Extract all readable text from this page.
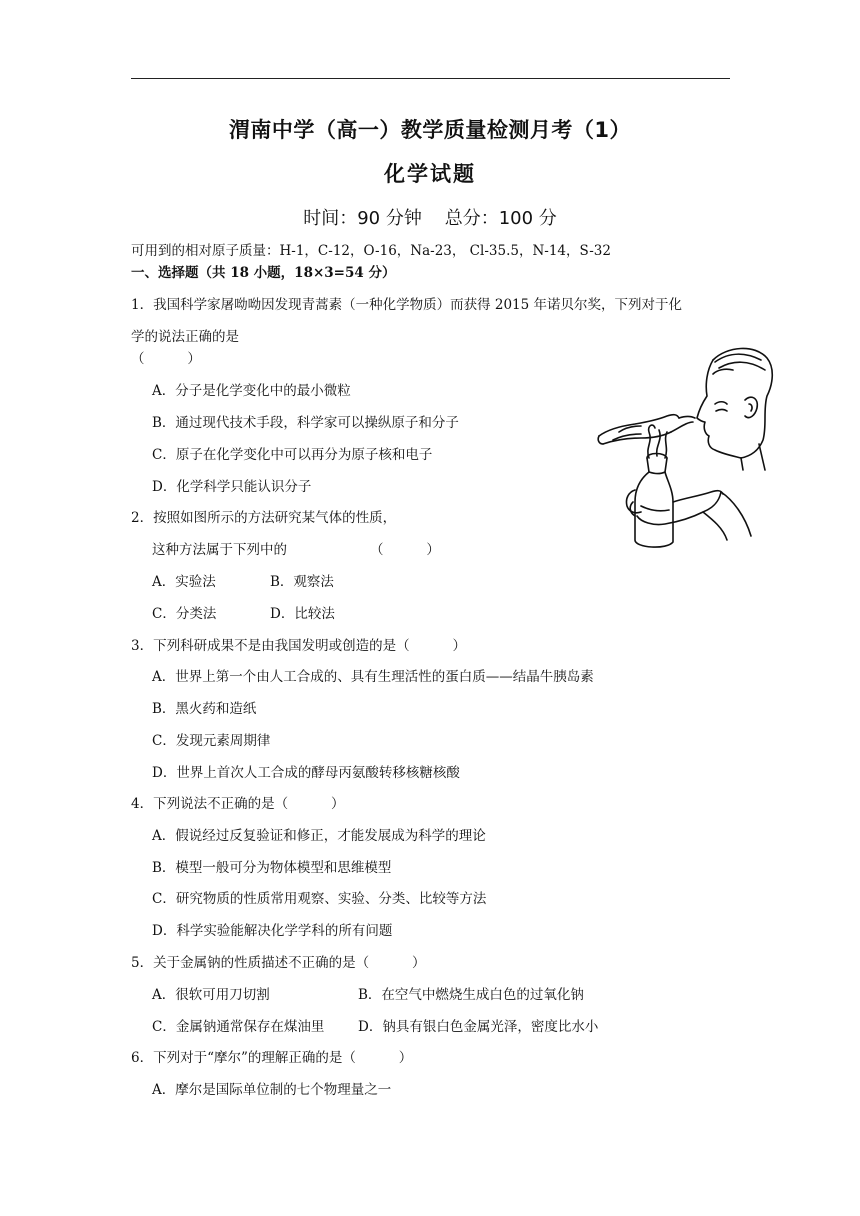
渭南中学（高一）教学质量检测月考（1）
化学试题
时间：90 分钟    总分：100 分
可用到的相对原子质量：H-1，C-12，O-16，Na-23， Cl-35.5，N-14，S-32
一、选择题（共 18 小题，18×3=54 分）
1．我国科学家屠呦呦因发现青蒿素（一种化学物质）而获得 2015 年诺贝尔奖，下列对于化
学的说法正确的是
（          ）
A．分子是化学变化中的最小微粒
B．通过现代技术手段，科学家可以操纵原子和分子
C．原子在化学变化中可以再分为原子核和电子
D．化学科学只能认识分子
2．按照如图所示的方法研究某气体的性质，
这种方法属于下列中的	（          ）
A．实验法	B．观察法
C．分类法	D．比较法
3．下列科研成果不是由我国发明或创造的是（          ）
A．世界上第一个由人工合成的、具有生理活性的蛋白质——结晶牛胰岛素
B．黑火药和造纸
C．发现元素周期律
D．世界上首次人工合成的酵母丙氨酸转移核糖核酸
4．下列说法不正确的是（          ）
A．假说经过反复验证和修正，才能发展成为科学的理论
B．模型一般可分为物体模型和思维模型
C．研究物质的性质常用观察、实验、分类、比较等方法
D．科学实验能解决化学学科的所有问题
5．关于金属钠的性质描述不正确的是（          ）
A．很软可用刀切割	B．在空气中燃烧生成白色的过氧化钠
C．金属钠通常保存在煤油里 D．钠具有银白色金属光泽，密度比水小
6．下列对于“摩尔”的理解正确的是（          ）
A．摩尔是国际单位制的七个物理量之一
